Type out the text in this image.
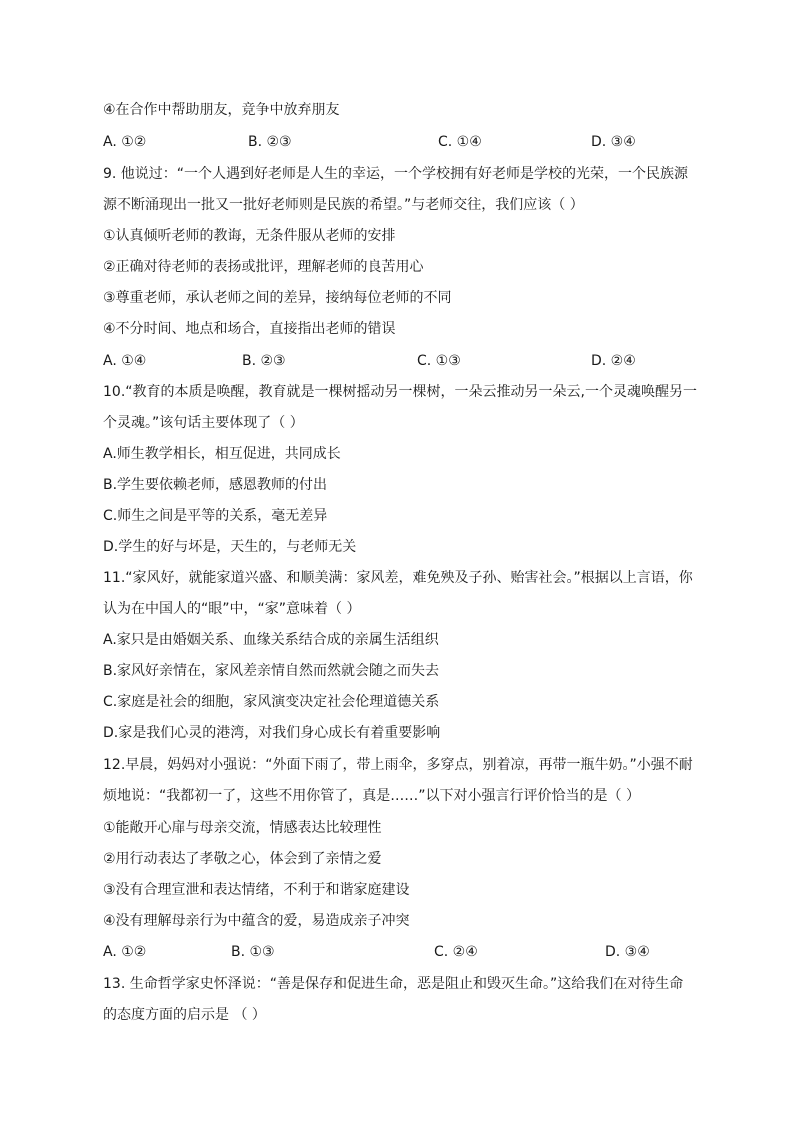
④在合作中帮助朋友，竞争中放弃朋友
A. ①②	B. ②③	C. ①④	D. ③④
9. 他说过：“一个人遇到好老师是人生的幸运，一个学校拥有好老师是学校的光荣，一个民族源
源不断涌现出一批又一批好老师则是民族的希望。”与老师交往，我们应该（ ）
①认真倾听老师的教诲，无条件服从老师的安排
②正确对待老师的表扬或批评，理解老师的良苦用心
③尊重老师，承认老师之间的差异，接纳每位老师的不同
④不分时间、地点和场合，直接指出老师的错误
A. ①④	B. ②③	C. ①③	D. ②④
10.“教育的本质是唤醒，教育就是一棵树摇动另一棵树，一朵云推动另一朵云,一个灵魂唤醒另一
个灵魂。”该句话主要体现了（ ）
A.师生教学相长，相互促进，共同成长
B.学生要依赖老师，感恩教师的付出
C.师生之间是平等的关系，毫无差异
D.学生的好与坏是，天生的，与老师无关
11.“家风好，就能家道兴盛、和顺美满：家风差，难免殃及子孙、贻害社会。”根据以上言语，你
认为在中国人的“眼”中，“家”意味着（ ）
A.家只是由婚姻关系、血缘关系结合成的亲属生活组织
B.家风好亲情在，家风差亲情自然而然就会随之而失去
C.家庭是社会的细胞，家风演变决定社会伦理道德关系
D.家是我们心灵的港湾，对我们身心成长有着重要影响
12.早晨，妈妈对小强说：“外面下雨了，带上雨伞，多穿点，别着凉，再带一瓶牛奶。”小强不耐
烦地说：“我都初一了，这些不用你管了，真是……”以下对小强言行评价恰当的是（ ）
①能敞开心扉与母亲交流，情感表达比较理性
②用行动表达了孝敬之心，体会到了亲情之爱
③没有合理宣泄和表达情绪，不利于和谐家庭建设
④没有理解母亲行为中蕴含的爱，易造成亲子冲突
A. ①②	B. ①③	C. ②④	D. ③④
13. 生命哲学家史怀泽说：“善是保存和促进生命，恶是阻止和毁灭生命。”这给我们在对待生命
的态度方面的启示是 （ ）
